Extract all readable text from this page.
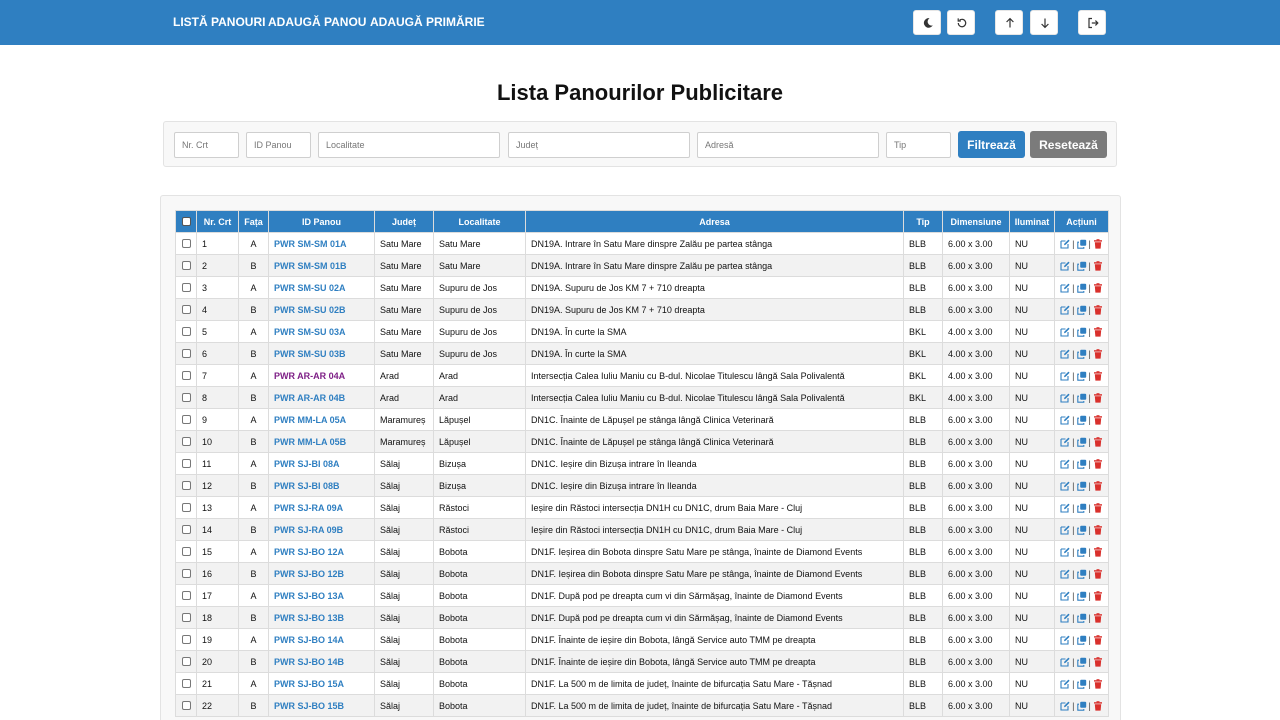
LISTĂ PANOURI ADAUGĂ PANOU ADAUGĂ PRIMĂRIE
Lista Panourilor Publicitare
Nr. Crt
ID Panou
Localitate
Județ
Adresă
Tip
Filtrează	Resetează
	Nr. Crt	Fața	ID Panou	Județ	Localitate	Adresa	Tip	Dimensiune	Iluminat	Acțiuni

	1	A	PWR SM-SM 01A	Satu Mare	Satu Mare	DN19A. Intrare în Satu Mare dinspre Zalău pe partea stânga	BLB	6.00 x 3.00	NU	| |

	2	B	PWR SM-SM 01B	Satu Mare	Satu Mare	DN19A. Intrare în Satu Mare dinspre Zalău pe partea stânga	BLB	6.00 x 3.00	NU	| |

	3	A	PWR SM-SU 02A	Satu Mare	Supuru de Jos	DN19A. Supuru de Jos KM 7 + 710 dreapta	BLB	6.00 x 3.00	NU	| |

	4	B	PWR SM-SU 02B	Satu Mare	Supuru de Jos	DN19A. Supuru de Jos KM 7 + 710 dreapta	BLB	6.00 x 3.00	NU	| |

	5	A	PWR SM-SU 03A	Satu Mare	Supuru de Jos	DN19A. În curte la SMA	BKL	4.00 x 3.00	NU	| |

	6	B	PWR SM-SU 03B	Satu Mare	Supuru de Jos	DN19A. În curte la SMA	BKL	4.00 x 3.00	NU	| |

	7	A	PWR AR-AR 04A	Arad	Arad	Intersecția Calea Iuliu Maniu cu B-dul. Nicolae Titulescu lângă Sala Polivalentă	BKL	4.00 x 3.00	NU	| |

	8	B	PWR AR-AR 04B	Arad	Arad	Intersecția Calea Iuliu Maniu cu B-dul. Nicolae Titulescu lângă Sala Polivalentă	BKL	4.00 x 3.00	NU	| |

	9	A	PWR MM-LA 05A	Maramureș	Lăpușel	DN1C. Înainte de Lăpușel pe stânga lângă Clinica Veterinară	BLB	6.00 x 3.00	NU	| |

	10	B	PWR MM-LA 05B	Maramureș	Lăpușel	DN1C. Înainte de Lăpușel pe stânga lângă Clinica Veterinară	BLB	6.00 x 3.00	NU	| |

	11	A	PWR SJ-BI 08A	Sălaj	Bizușa	DN1C. Ieșire din Bizușa intrare în Ileanda	BLB	6.00 x 3.00	NU	| |

	12	B	PWR SJ-BI 08B	Sălaj	Bizușa	DN1C. Ieșire din Bizușa intrare în Ileanda	BLB	6.00 x 3.00	NU	| |

	13	A	PWR SJ-RA 09A	Sălaj	Răstoci	Ieșire din Răstoci intersecția DN1H cu DN1C, drum Baia Mare - Cluj	BLB	6.00 x 3.00	NU	| |

	14	B	PWR SJ-RA 09B	Sălaj	Răstoci	Ieșire din Răstoci intersecția DN1H cu DN1C, drum Baia Mare - Cluj	BLB	6.00 x 3.00	NU	| |

	15	A	PWR SJ-BO 12A	Sălaj	Bobota	DN1F. Ieșirea din Bobota dinspre Satu Mare pe stânga, înainte de Diamond Events	BLB	6.00 x 3.00	NU	| |

	16	B	PWR SJ-BO 12B	Sălaj	Bobota	DN1F. Ieșirea din Bobota dinspre Satu Mare pe stânga, înainte de Diamond Events	BLB	6.00 x 3.00	NU	| |

	17	A	PWR SJ-BO 13A	Sălaj	Bobota	DN1F. După pod pe dreapta cum vi din Sărmășag, înainte de Diamond Events	BLB	6.00 x 3.00	NU	| |

	18	B	PWR SJ-BO 13B	Sălaj	Bobota	DN1F. După pod pe dreapta cum vi din Sărmășag, înainte de Diamond Events	BLB	6.00 x 3.00	NU	| |

	19	A	PWR SJ-BO 14A	Sălaj	Bobota	DN1F. Înainte de ieșire din Bobota, lângă Service auto TMM pe dreapta	BLB	6.00 x 3.00	NU	| |

	20	B	PWR SJ-BO 14B	Sălaj	Bobota	DN1F. Înainte de ieșire din Bobota, lângă Service auto TMM pe dreapta	BLB	6.00 x 3.00	NU	| |

	21	A	PWR SJ-BO 15A	Sălaj	Bobota	DN1F. La 500 m de limita de județ, înainte de bifurcația Satu Mare - Tășnad	BLB	6.00 x 3.00	NU	| |

	22	B	PWR SJ-BO 15B	Sălaj	Bobota	DN1F. La 500 m de limita de județ, înainte de bifurcația Satu Mare - Tășnad	BLB	6.00 x 3.00	NU	| |
